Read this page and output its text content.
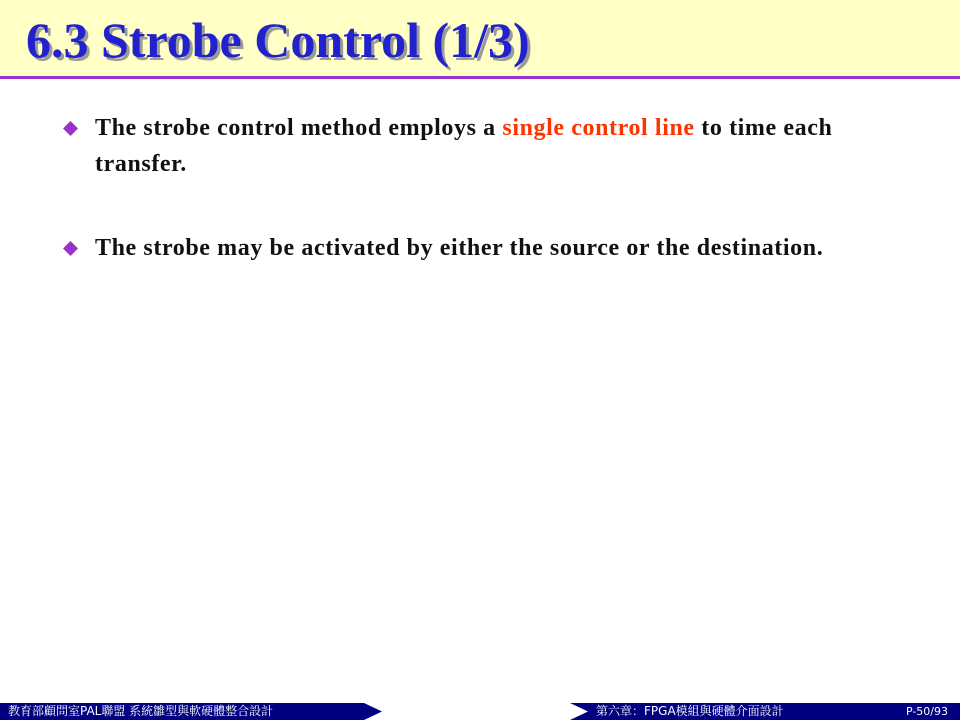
6.3 Strobe Control (1/3)
The strobe control method employs a single control line to time each transfer.
The strobe may be activated by either the source or the destination.
教育部顧問室PAL聯盟 系統雛型與軟硬體整合設計	第六章：FPGA模組與硬體介面設計	P-50/93
